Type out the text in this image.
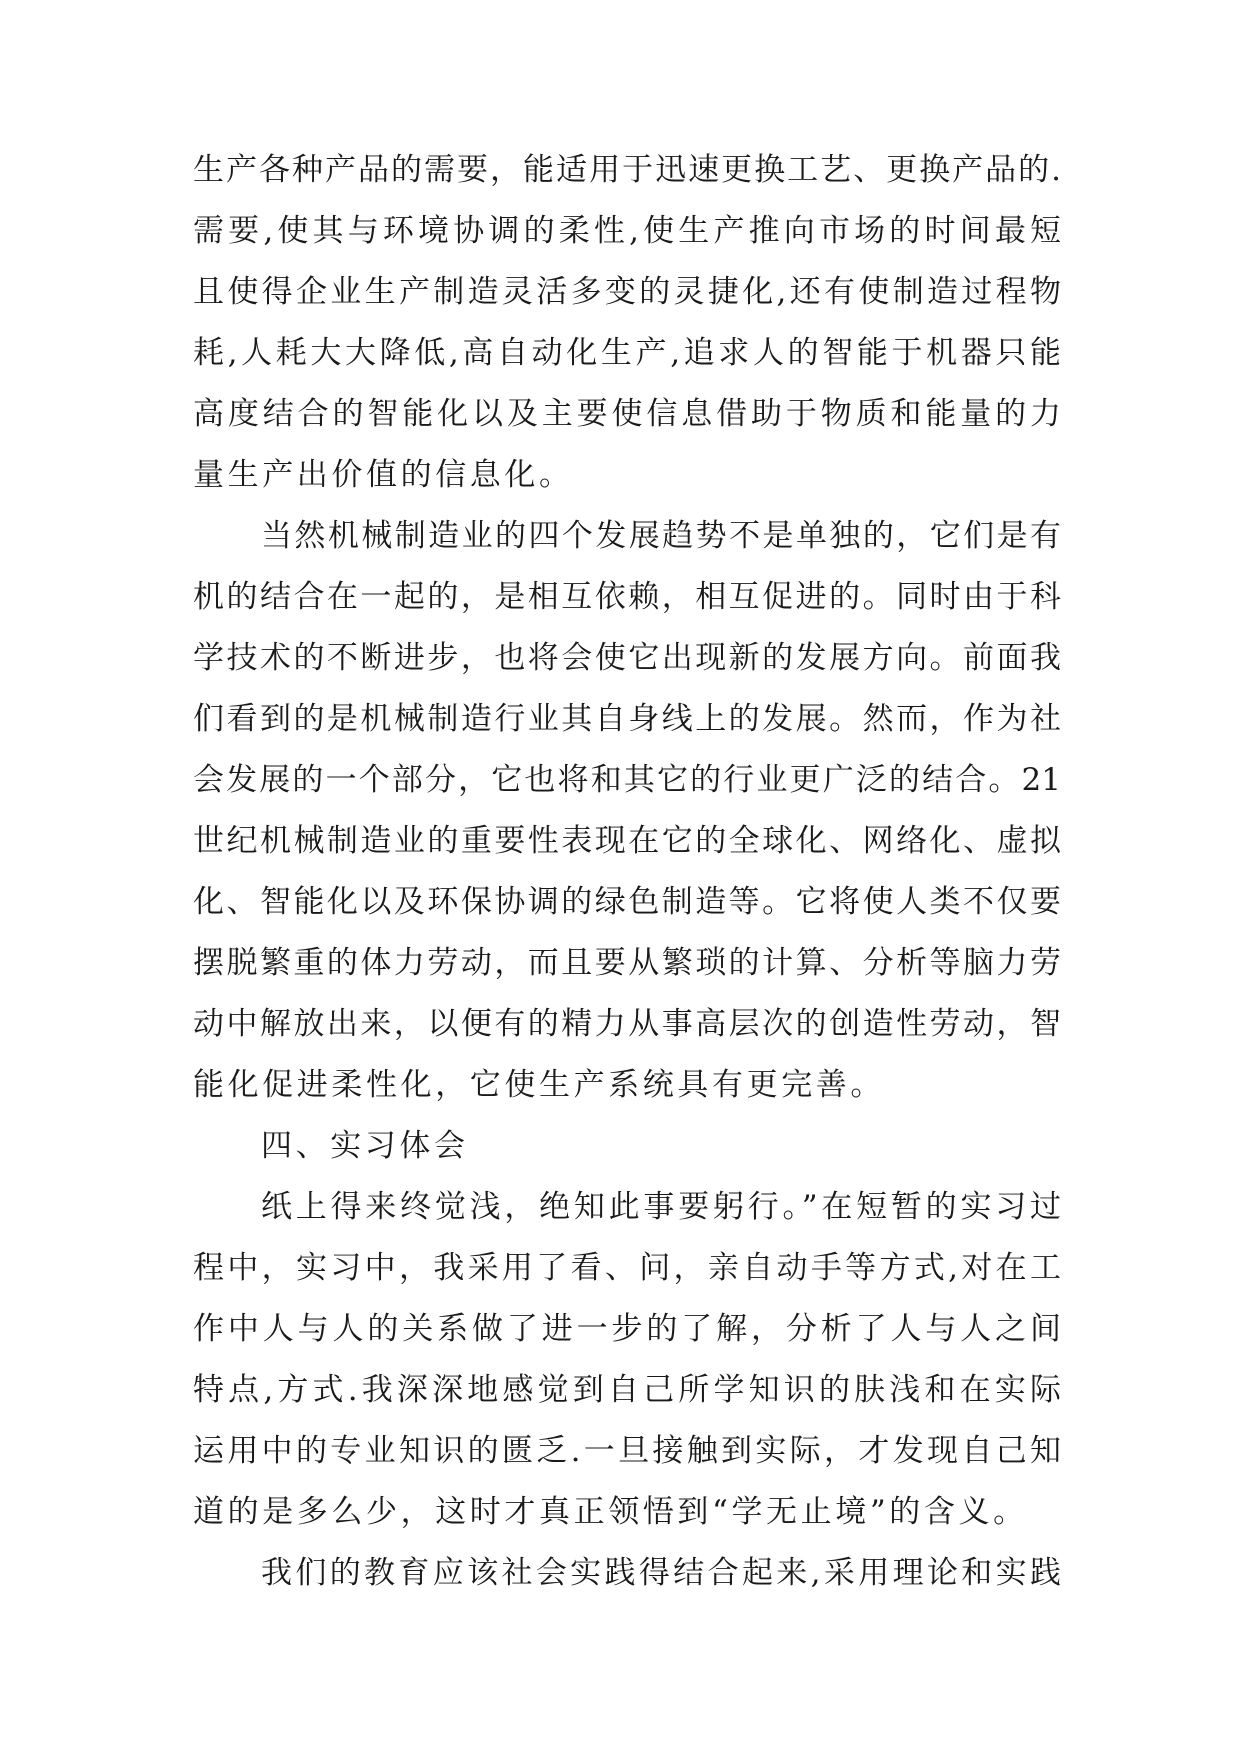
生产各种产品的需要，能适用于迅速更换工艺、更换产品的.
需要,使其与环境协调的柔性,使生产推向市场的时间最短
且使得企业生产制造灵活多变的灵捷化,还有使制造过程物
耗,人耗大大降低,高自动化生产,追求人的智能于机器只能
高度结合的智能化以及主要使信息借助于物质和能量的力
量生产出价值的信息化。
当然机械制造业的四个发展趋势不是单独的，它们是有
机的结合在一起的，是相互依赖，相互促进的。同时由于科
学技术的不断进步，也将会使它出现新的发展方向。前面我
们看到的是机械制造行业其自身线上的发展。然而，作为社
会发展的一个部分，它也将和其它的行业更广泛的结合。21
世纪机械制造业的重要性表现在它的全球化、网络化、虚拟
化、智能化以及环保协调的绿色制造等。它将使人类不仅要
摆脱繁重的体力劳动，而且要从繁琐的计算、分析等脑力劳
动中解放出来，以便有的精力从事高层次的创造性劳动，智
能化促进柔性化，它使生产系统具有更完善。
四、实习体会
纸上得来终觉浅，绝知此事要躬行。”在短暂的实习过
程中，实习中，我采用了看、问，亲自动手等方式,对在工
作中人与人的关系做了进一步的了解，分析了人与人之间
特点,方式.我深深地感觉到自己所学知识的肤浅和在实际
运用中的专业知识的匮乏.一旦接触到实际，才发现自己知
道的是多么少，这时才真正领悟到“学无止境”的含义。
我们的教育应该社会实践得结合起来,采用理论和实践
